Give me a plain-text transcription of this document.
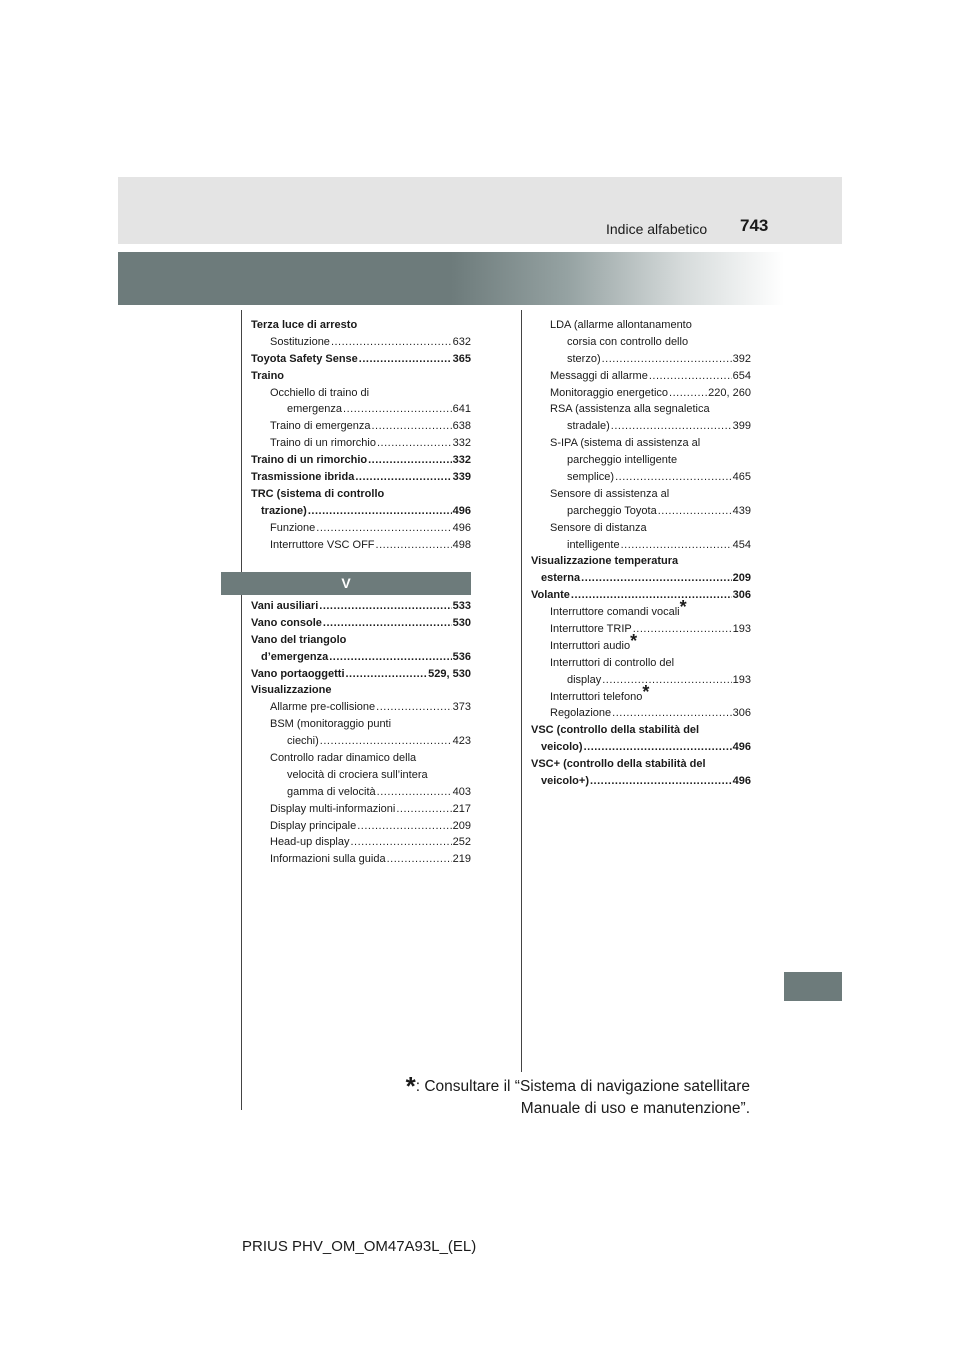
743
Indice alfabetico
Terza luce di arresto
Sostituzione .....	632
Toyota Safety Sense .....	365
Traino
Occhiello di traino di
emergenza .....	641
Traino di emergenza .....	638
Traino di un rimorchio .....	332
Traino di un rimorchio .....	332
Trasmissione ibrida .....	339
TRC (sistema di controllo
trazione) .....	496
Funzione .....	496
Interruttore VSC OFF .....	498
V
Vani ausiliari .....	533
Vano console .....	530
Vano del triangolo
d’emergenza .....	536
Vano portaoggetti .....	529, 530
Visualizzazione
Allarme pre-collisione .....	373
BSM (monitoraggio punti
ciechi) .....	423
Controllo radar dinamico della
velocità di crociera sull’intera
gamma di velocità .....	403
Display multi-informazioni .....	217
Display principale .....	209
Head-up display .....	252
Informazioni sulla guida .....	219
LDA (allarme allontanamento
corsia con controllo dello
sterzo) .....	392
Messaggi di allarme .....	654
Monitoraggio energetico .....	220, 260
RSA (assistenza alla segnaletica
stradale) .....	399
S-IPA (sistema di assistenza al
parcheggio intelligente
semplice) .....	465
Sensore di assistenza al
parcheggio Toyota .....	439
Sensore di distanza
intelligente .....	454
Visualizzazione temperatura
esterna .....	209
Volante .....	306
Interruttore comandi vocali*
Interruttore TRIP .....	193
Interruttori audio*
Interruttori di controllo del
display .....	193
Interruttori telefono*
Regolazione .....	306
VSC (controllo della stabilità del
veicolo) .....	496
VSC+ (controllo della stabilità del
veicolo+) .....	496
*: Consultare il “Sistema di navigazione satellitare
Manuale di uso e manutenzione”.
PRIUS PHV_OM_OM47A93L_(EL)
